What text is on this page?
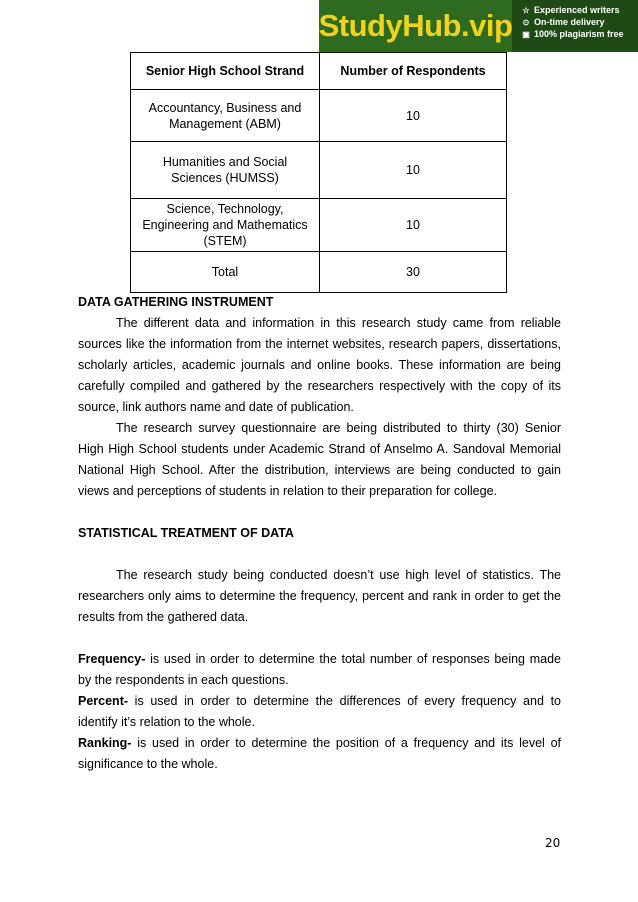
StudyHub.vip	☆ Experienced writers
⊙ On-time delivery
▣ 100% plagiarism free
Senior High School Strand	Number of Respondents
Accountancy, Business and Management (ABM)	10
Humanities and Social Sciences (HUMSS)	10
Science, Technology, Engineering and Mathematics (STEM)	10
Total	30

DATA GATHERING INSTRUMENT

The different data and information in this research study came from reliable sources like the information from the internet websites, research papers, dissertations, scholarly articles, academic journals and online books. These information are being carefully compiled and gathered by the researchers respectively with the copy of its source, link authors name and date of publication.

The research survey questionnaire are being distributed to thirty (30) Senior High High School students under Academic Strand of Anselmo A. Sandoval Memorial National High School. After the distribution, interviews are being conducted to gain views and perceptions of students in relation to their preparation for college.

STATISTICAL TREATMENT OF DATA

The research study being conducted doesn’t use high level of statistics. The researchers only aims to determine the frequency, percent and rank in order to get the results from the gathered data.

Frequency- is used in order to determine the total number of responses being made by the respondents in each questions.

Percent- is used in order to determine the differences of every frequency and to identify it’s relation to the whole.

Ranking- is used in order to determine the position of a frequency and its level of significance to the whole.

20
